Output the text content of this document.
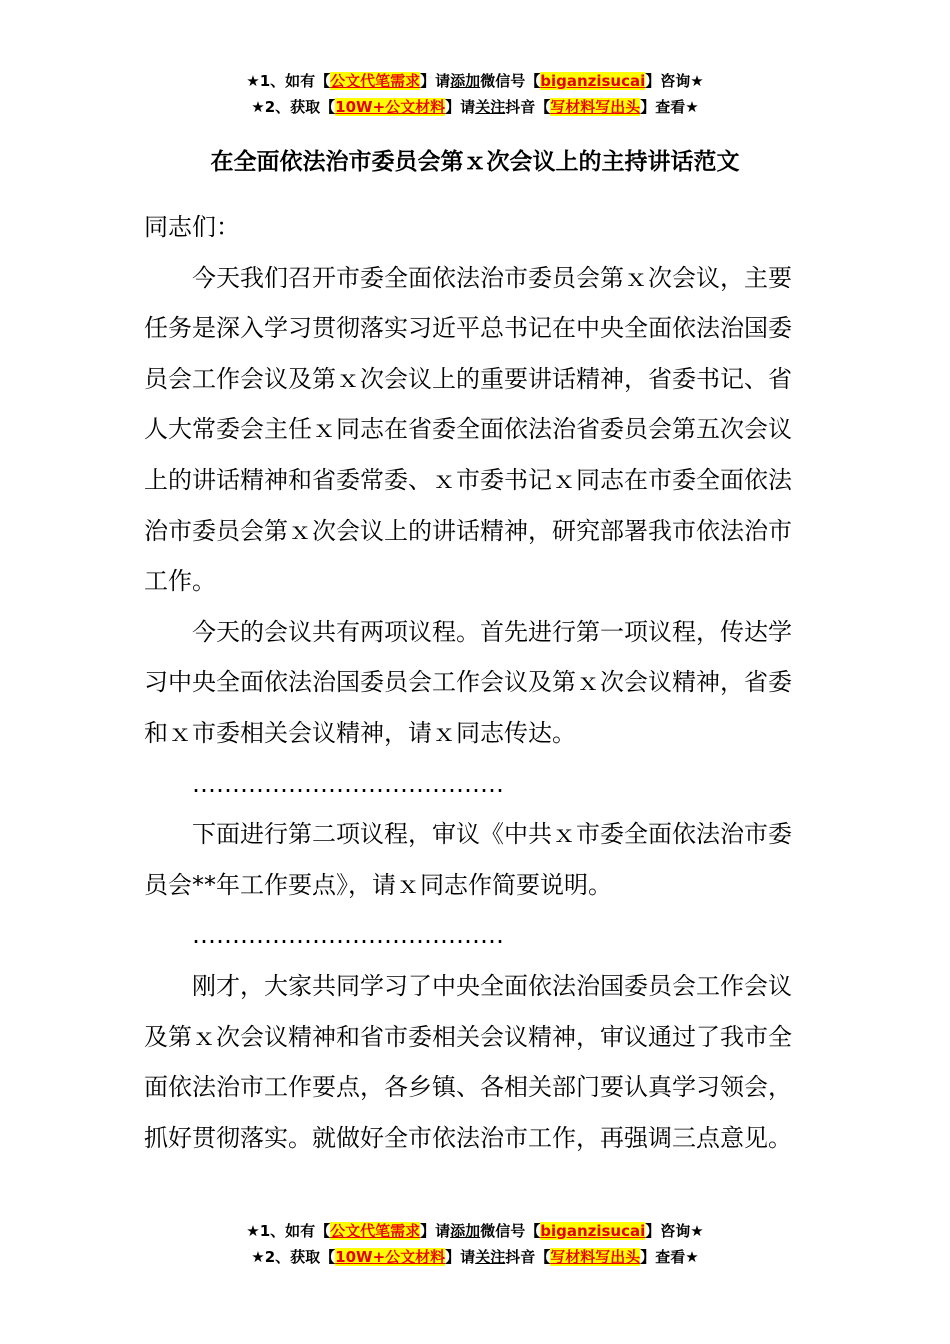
★1、如有【公文代笔需求】请添加微信号【biganzisucai】咨询★
★2、获取【10W+公文材料】请关注抖音【写材料写出头】查看★
在全面依法治市委员会第ｘ次会议上的主持讲话范文

同志们：

今天我们召开市委全面依法治市委员会第ｘ次会议，主要任务是深入学习贯彻落实习近平总书记在中央全面依法治国委员会工作会议及第ｘ次会议上的重要讲话精神，省委书记、省人大常委会主任ｘ同志在省委全面依法治省委员会第五次会议上的讲话精神和省委常委、ｘ市委书记ｘ同志在市委全面依法治市委员会第ｘ次会议上的讲话精神，研究部署我市依法治市工作。

今天的会议共有两项议程。首先进行第一项议程，传达学习中央全面依法治国委员会工作会议及第ｘ次会议精神，省委和ｘ市委相关会议精神，请ｘ同志传达。

…………………………………

下面进行第二项议程，审议《中共ｘ市委全面依法治市委员会**年工作要点》，请ｘ同志作简要说明。

…………………………………

刚才，大家共同学习了中央全面依法治国委员会工作会议及第ｘ次会议精神和省市委相关会议精神，审议通过了我市全面依法治市工作要点，各乡镇、各相关部门要认真学习领会，抓好贯彻落实。就做好全市依法治市工作，再强调三点意见。

★1、如有【公文代笔需求】请添加微信号【biganzisucai】咨询★
★2、获取【10W+公文材料】请关注抖音【写材料写出头】查看★
